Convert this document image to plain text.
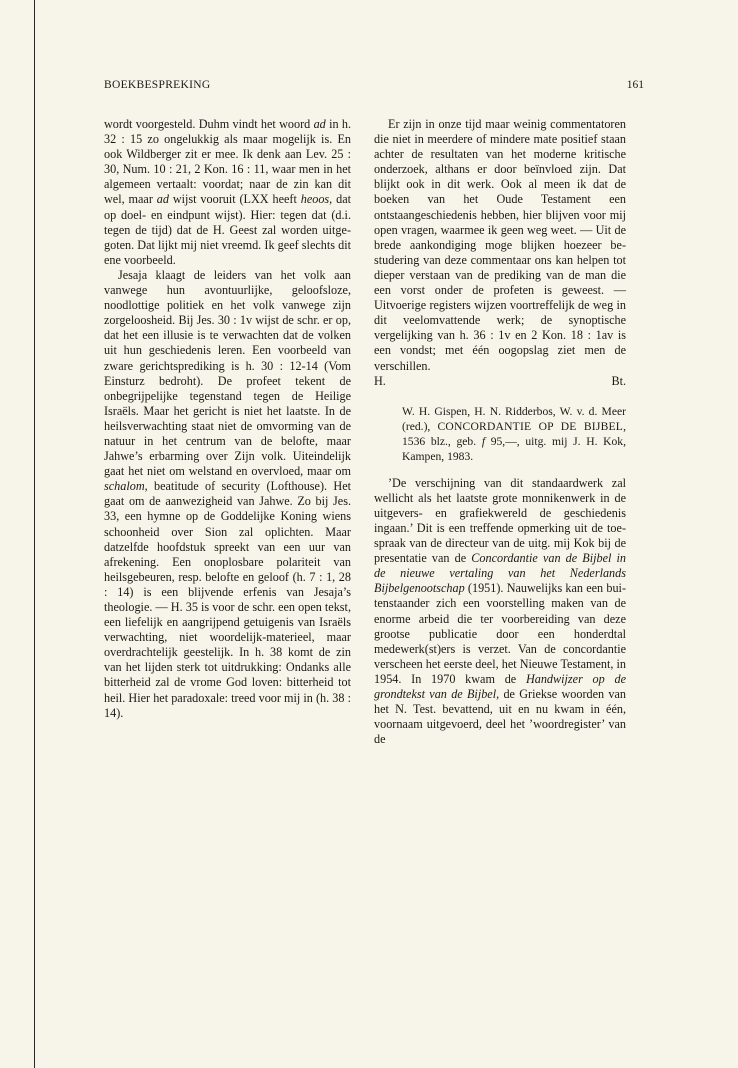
BOEKBESPREKING	161

wordt voorgesteld. Duhm vindt het woord ad in h. 32 : 15 zo ongelukkig als maar mogelijk is. En ook Wildberger zit er mee. Ik denk aan Lev. 25 : 30, Num. 10 : 21, 2 Kon. 16 : 11, waar men in het algemeen vertaalt: voordat; naar de zin kan dit wel, maar ad wijst vooruit (LXX heeft heoos, dat op doel- en eindpunt wijst). Hier: tegen dat (d.i. tegen de tijd) dat de H. Geest zal worden uitgegoten. Dat lijkt mij niet vreemd. Ik geef slechts dit ene voorbeeld.

Jesaja klaagt de leiders van het volk aan vanwege hun avontuurlijke, geloofsloze, noodlottige politiek en het volk vanwege zijn zorgeloosheid. Bij Jes. 30 : 1v wijst de schr. er op, dat het een illusie is te verwachten dat de volken uit hun geschiedenis leren. Een voorbeeld van zware gerichtsprediking is h. 30 : 12-14 (Vom Einsturz bedroht). De profeet tekent de onbegrijpelijke tegenstand tegen de Heilige Israëls. Maar het gericht is niet het laatste. In de heilsverwachting staat niet de omvorming van de natuur in het centrum van de belofte, maar Jahwe’s erbarming over Zijn volk. Uiteindelijk gaat het niet om welstand en overvloed, maar om schalom, beatitude of security (Lofthouse). Het gaat om de aanwezigheid van Jahwe. Zo bij Jes. 33, een hymne op de Goddelijke Koning wiens schoonheid over Sion zal oplichten. Maar datzelfde hoofdstuk spreekt van een uur van afrekening. Een onoplosbare polariteit van heilsgebeuren, resp. belofte en geloof (h. 7 : 1, 28 : 14) is een blijvende erfenis van Jesaja’s theologie. — H. 35 is voor de schr. een open tekst, een liefelijk en aangrijpend getuigenis van Israëls verwachting, niet woordelijk-materieel, maar overdrachtelijk geestelijk. In h. 38 komt de zin van het lijden sterk tot uitdrukking: Ondanks alle bitterheid zal de vrome God loven: bitterheid tot heil. Hier het paradoxale: treed voor mij in (h. 38 : 14).

Er zijn in onze tijd maar weinig commentatoren die niet in meerdere of mindere mate positief staan achter de resultaten van het moderne kritische onderzoek, althans er door beïnvloed zijn. Dat blijkt ook in dit werk. Ook al meen ik dat de boeken van het Oude Testament een ontstaangeschiedenis hebben, hier blijven voor mij open vragen, waarmee ik geen weg weet. — Uit de brede aankondiging moge blijken hoezeer bestudering van deze commentaar ons kan helpen tot dieper verstaan van de prediking van de man die een vorst onder de profeten is geweest. — Uitvoerige registers wijzen voortreffelijk de weg in dit veelomvattende werk; de synoptische vergelijking van h. 36 : 1v en 2 Kon. 18 : 1av is een vondst; met één oogopslag ziet men de verschillen.

H.	Bt.
W. H. Gispen, H. N. Ridderbos, W. v. d. Meer (red.), CONCORDANTIE OP DE BIJBEL, 1536 blz., geb. f 95,—, uitg. mij J. H. Kok, Kampen, 1983.

’De verschijning van dit standaardwerk zal wellicht als het laatste grote monnikenwerk in de uitgevers- en grafiekwereld de geschiedenis ingaan.’ Dit is een treffende opmerking uit de toespraak van de directeur van de uitg. mij Kok bij de presentatie van de Concordantie van de Bijbel in de nieuwe vertaling van het Nederlands Bijbelgenootschap (1951). Nauwelijks kan een buitenstaander zich een voorstelling maken van de enorme arbeid die ter voorbereiding van deze grootse publicatie door een honderdtal medewerk(st)ers is verzet. Van de concordantie verscheen het eerste deel, het Nieuwe Testament, in 1954. In 1970 kwam de Handwijzer op de grondtekst van de Bijbel, de Griekse woorden van het N. Test. bevattend, uit en nu kwam in één, voornaam uitgevoerd, deel het ’woordregister’ van de
